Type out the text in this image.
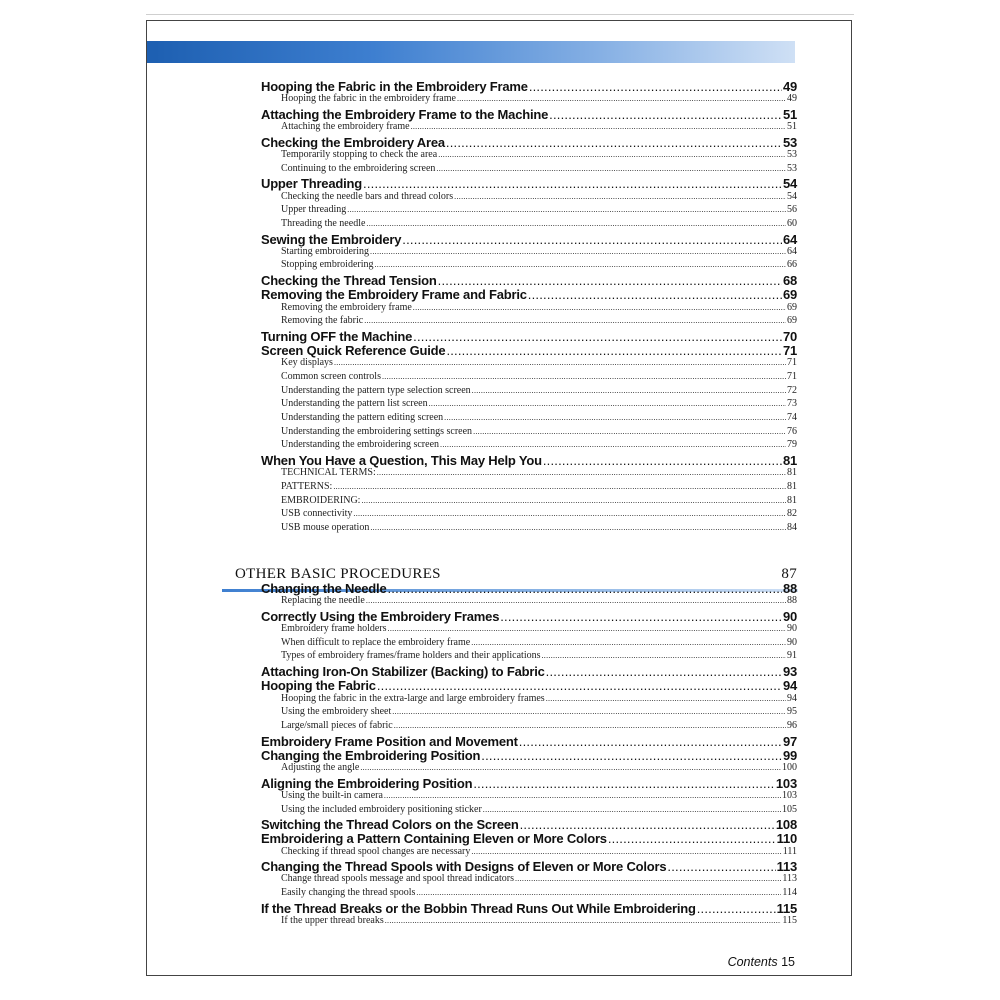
Hooping the Fabric in the Embroidery Frame .....	49
Hooping the fabric in the embroidery frame .....	49
Attaching the Embroidery Frame to the Machine .....	51
Attaching the embroidery frame .....	51
Checking the Embroidery Area .....	53
Temporarily stopping to check the area .....	53
Continuing to the embroidering screen .....	53
Upper Threading .....	54
Checking the needle bars and thread colors .....	54
Upper threading .....	56
Threading the needle .....	60
Sewing the Embroidery .....	64
Starting embroidering .....	64
Stopping embroidering .....	66
Checking the Thread Tension .....	68
Removing the Embroidery Frame and Fabric .....	69
Removing the embroidery frame .....	69
Removing the fabric .....	69
Turning OFF the Machine .....	70
Screen Quick Reference Guide .....	71
Key displays .....	71
Common screen controls .....	71
Understanding the pattern type selection screen .....	72
Understanding the pattern list screen .....	73
Understanding the pattern editing screen .....	74
Understanding the embroidering settings screen .....	76
Understanding the embroidering screen .....	79
When You Have a Question, This May Help You .....	81
TECHNICAL TERMS: .....	81
PATTERNS: .....	81
EMBROIDERING: .....	81
USB connectivity .....	82
USB mouse operation .....	84
OTHER BASIC PROCEDURES	87
Changing the Needle .....	88
Replacing the needle .....	88
Correctly Using the Embroidery Frames .....	90
Embroidery frame holders .....	90
When difficult to replace the embroidery frame .....	90
Types of embroidery frames/frame holders and their applications .....	91
Attaching Iron-On Stabilizer (Backing) to Fabric .....	93
Hooping the Fabric .....	94
Hooping the fabric in the extra-large and large embroidery frames .....	94
Using the embroidery sheet .....	95
Large/small pieces of fabric .....	96
Embroidery Frame Position and Movement .....	97
Changing the Embroidering Position .....	99
Adjusting the angle .....	100
Aligning the Embroidering Position .....	103
Using the built-in camera .....	103
Using the included embroidery positioning sticker .....	105
Switching the Thread Colors on the Screen .....	108
Embroidering a Pattern Containing Eleven or More Colors .....	110
Checking if thread spool changes are necessary .....	111
Changing the Thread Spools with Designs of Eleven or More Colors .....	113
Change thread spools message and spool thread indicators .....	113
Easily changing the thread spools .....	114
If the Thread Breaks or the Bobbin Thread Runs Out While Embroidering .....	115
If the upper thread breaks .....	115
Contents 15
